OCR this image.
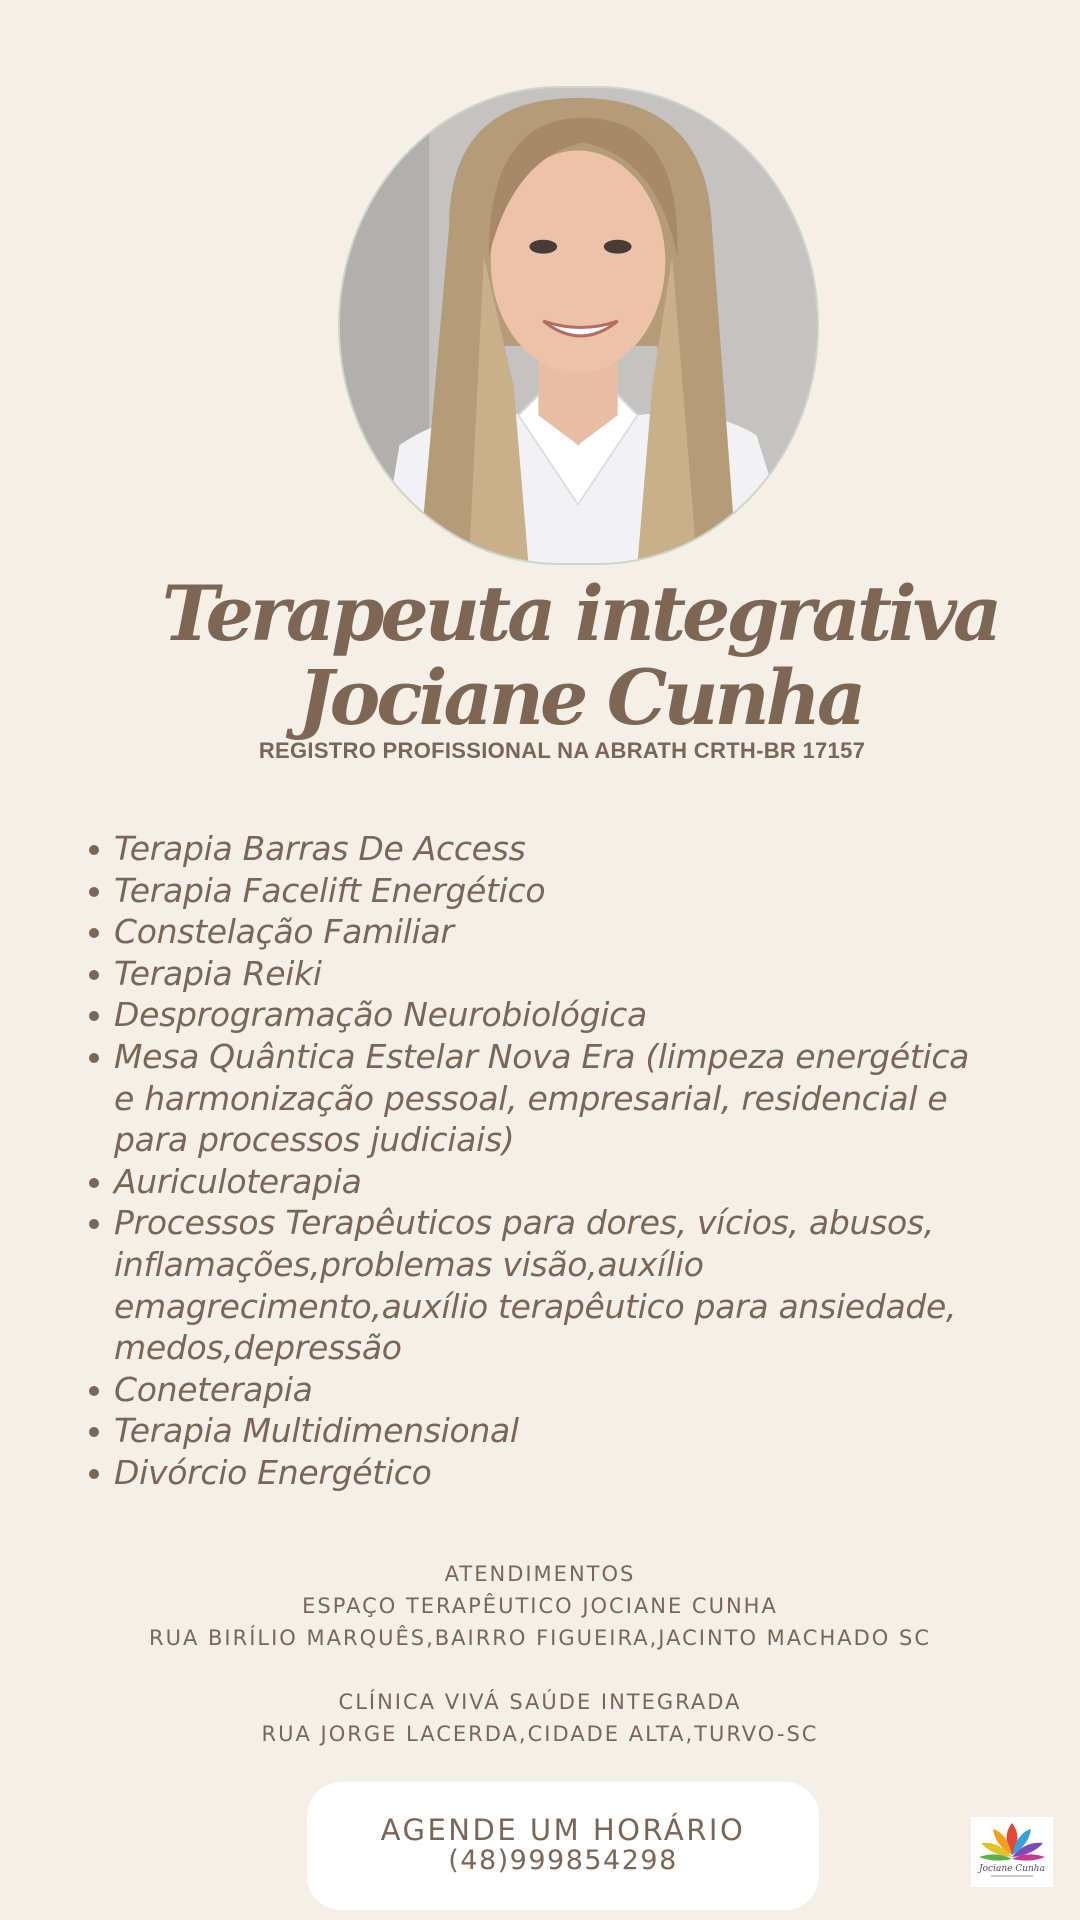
Terapeuta integrativa
Jociane Cunha

REGISTRO PROFISSIONAL NA ABRATH CRTH-BR 17157

Terapia Barras De Access
Terapia Facelift Energético
Constelação Familiar
Terapia Reiki
Desprogramação Neurobiológica
Mesa Quântica Estelar Nova Era (limpeza energética e harmonização pessoal, empresarial, residencial e para processos judiciais)
Auriculoterapia
Processos Terapêuticos para dores, vícios, abusos, inflamações,problemas visão,auxílio emagrecimento,auxílio terapêutico para ansiedade, medos,depressão
Coneterapia
Terapia Multidimensional
Divórcio Energético
ATENDIMENTOS
ESPAÇO TERAPÊUTICO JOCIANE CUNHA
RUA BIRÍLIO MARQUÊS,BAIRRO FIGUEIRA,JACINTO MACHADO SC
CLÍNICA VIVÁ SAÚDE INTEGRADA
RUA JORGE LACERDA,CIDADE ALTA,TURVO-SC
AGENDE UM HORÁRIO
(48)999854298	Jociane Cunha
